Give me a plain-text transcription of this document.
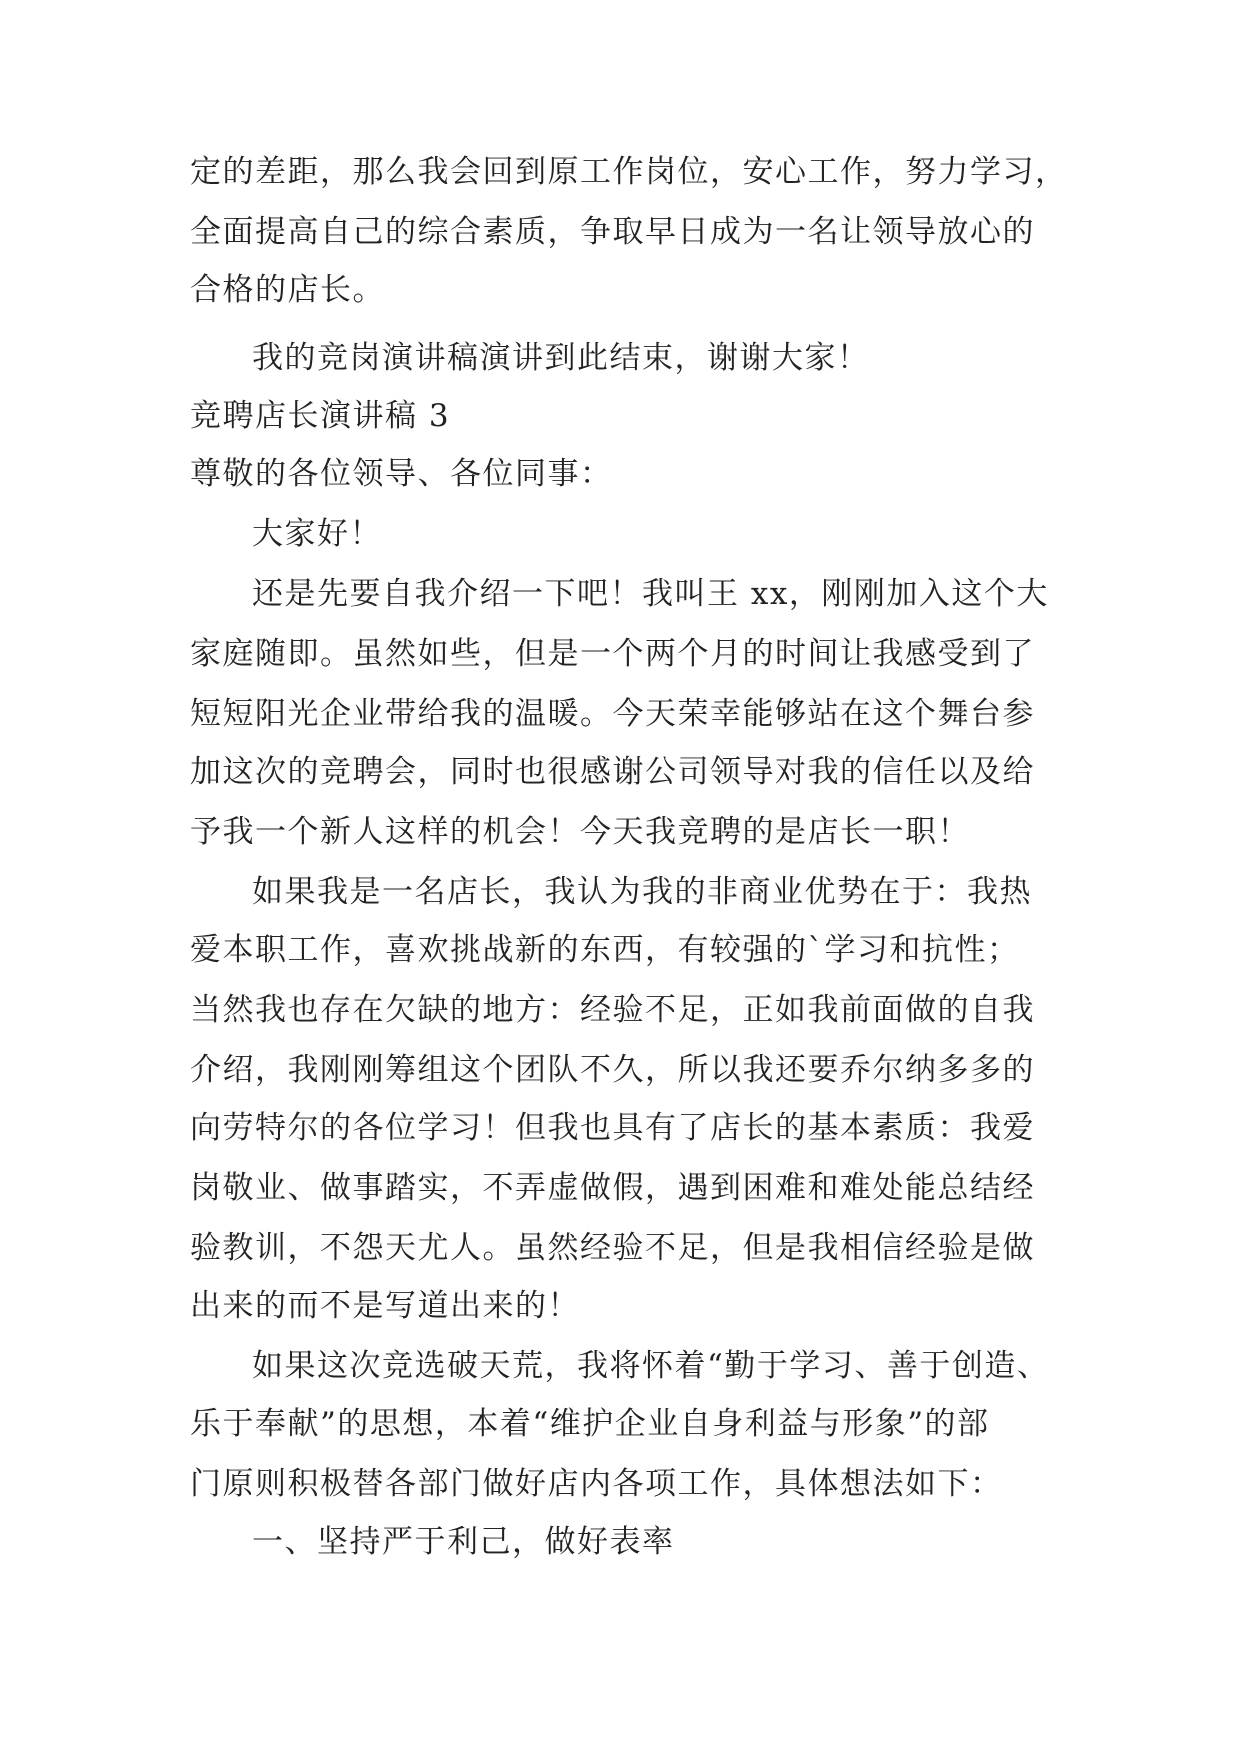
定的差距，那么我会回到原工作岗位，安心工作，努力学习，
全面提高自己的综合素质，争取早日成为一名让领导放心的
合格的店长。
我的竞岗演讲稿演讲到此结束，谢谢大家！
竞聘店长演讲稿 3
尊敬的各位领导、各位同事：
大家好！
还是先要自我介绍一下吧！我叫王 xx，刚刚加入这个大
家庭随即。虽然如些，但是一个两个月的时间让我感受到了
短短阳光企业带给我的温暖。今天荣幸能够站在这个舞台参
加这次的竞聘会，同时也很感谢公司领导对我的信任以及给
予我一个新人这样的机会！今天我竞聘的是店长一职！
如果我是一名店长，我认为我的非商业优势在于：我热
爱本职工作，喜欢挑战新的东西，有较强的`学习和抗性；
当然我也存在欠缺的地方：经验不足，正如我前面做的自我
介绍，我刚刚筹组这个团队不久，所以我还要乔尔纳多多的
向劳特尔的各位学习！但我也具有了店长的基本素质：我爱
岗敬业、做事踏实，不弄虚做假，遇到困难和难处能总结经
验教训，不怨天尤人。虽然经验不足，但是我相信经验是做
出来的而不是写道出来的！
如果这次竞选破天荒，我将怀着“勤于学习、善于创造、
乐于奉献”的思想，本着“维护企业自身利益与形象”的部
门原则积极替各部门做好店内各项工作，具体想法如下：
一、坚持严于利己，做好表率
